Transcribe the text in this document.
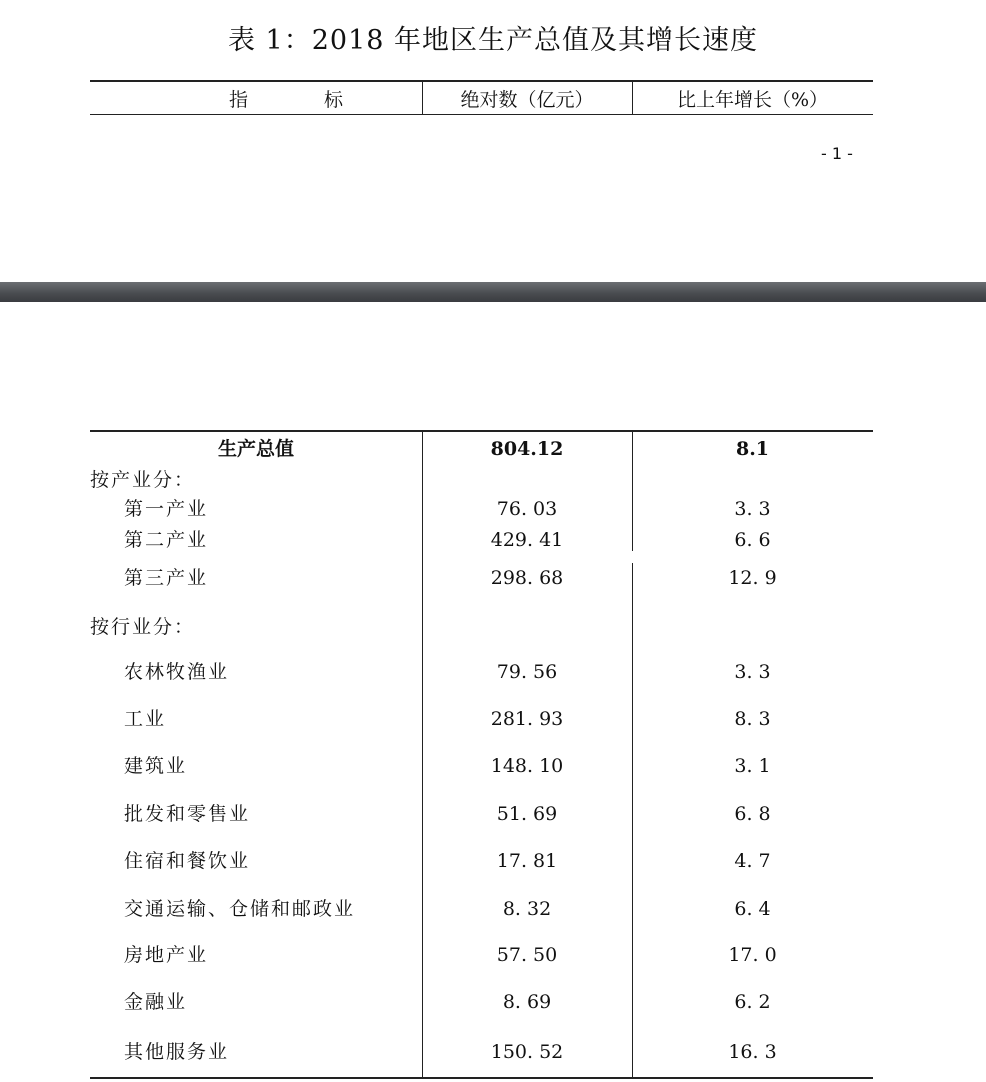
表 1：2018 年地区生产总值及其增长速度
指　　　　标	绝对数（亿元）	比上年增长（%）
- 1 -
生产总值	804.12	8.1
按产业分：
第一产业	76. 03	3. 3
第二产业	429. 41	6. 6
第三产业	298. 68	12. 9
按行业分：
农林牧渔业	79. 56	3. 3
工业	281. 93	8. 3
建筑业	148. 10	3. 1
批发和零售业	51. 69	6. 8
住宿和餐饮业	17. 81	4. 7
交通运输、仓储和邮政业	8. 32	6. 4
房地产业	57. 50	17. 0
金融业	8. 69	6. 2
其他服务业	150. 52	16. 3
